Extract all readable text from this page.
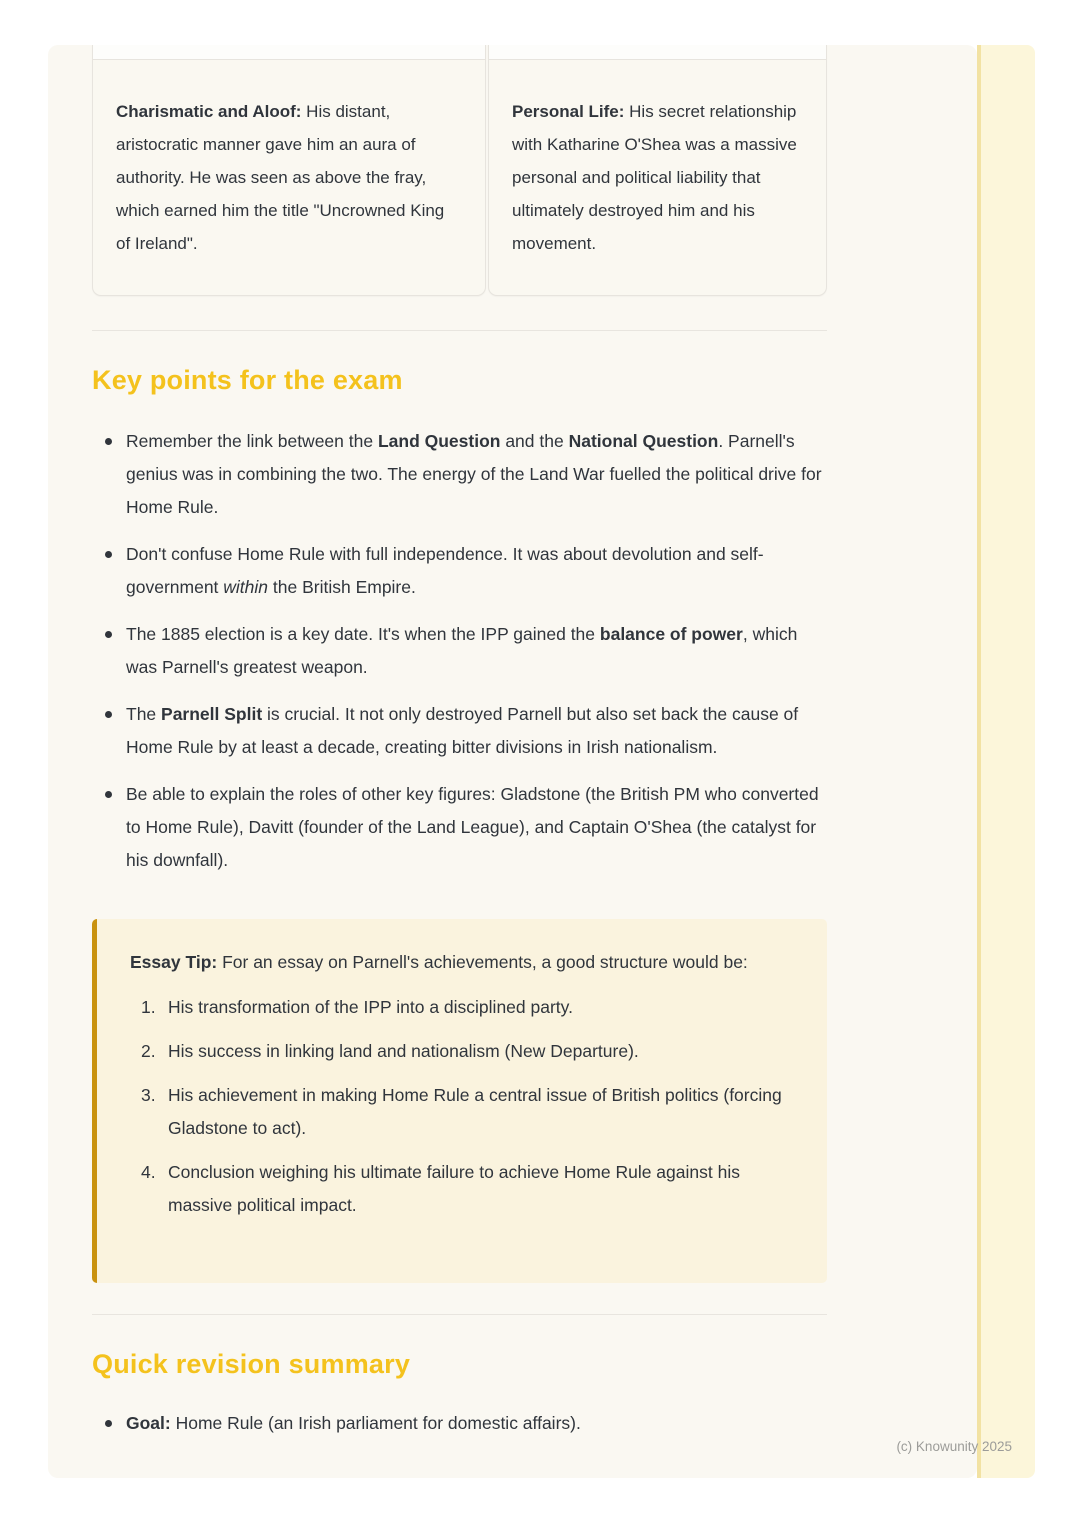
Charismatic and Aloof: His distant, aristocratic manner gave him an aura of authority. He was seen as above the fray, which earned him the title "Uncrowned King of Ireland".

Personal Life: His secret relationship with Katharine O'Shea was a massive personal and political liability that ultimately destroyed him and his movement.

Key points for the exam
Remember the link between the Land Question and the National Question. Parnell's genius was in combining the two. The energy of the Land War fuelled the political drive for Home Rule.
Don't confuse Home Rule with full independence. It was about devolution and self-government within the British Empire.
The 1885 election is a key date. It's when the IPP gained the balance of power, which was Parnell's greatest weapon.
The Parnell Split is crucial. It not only destroyed Parnell but also set back the cause of Home Rule by at least a decade, creating bitter divisions in Irish nationalism.
Be able to explain the roles of other key figures: Gladstone (the British PM who converted to Home Rule), Davitt (founder of the Land League), and Captain O'Shea (the catalyst for his downfall).

Essay Tip: For an essay on Parnell's achievements, a good structure would be:

His transformation of the IPP into a disciplined party.
His success in linking land and nationalism (New Departure).
His achievement in making Home Rule a central issue of British politics (forcing Gladstone to act).
Conclusion weighing his ultimate failure to achieve Home Rule against his massive political impact.
Quick revision summary
Goal: Home Rule (an Irish parliament for domestic affairs).
(c) Knowunity 2025
